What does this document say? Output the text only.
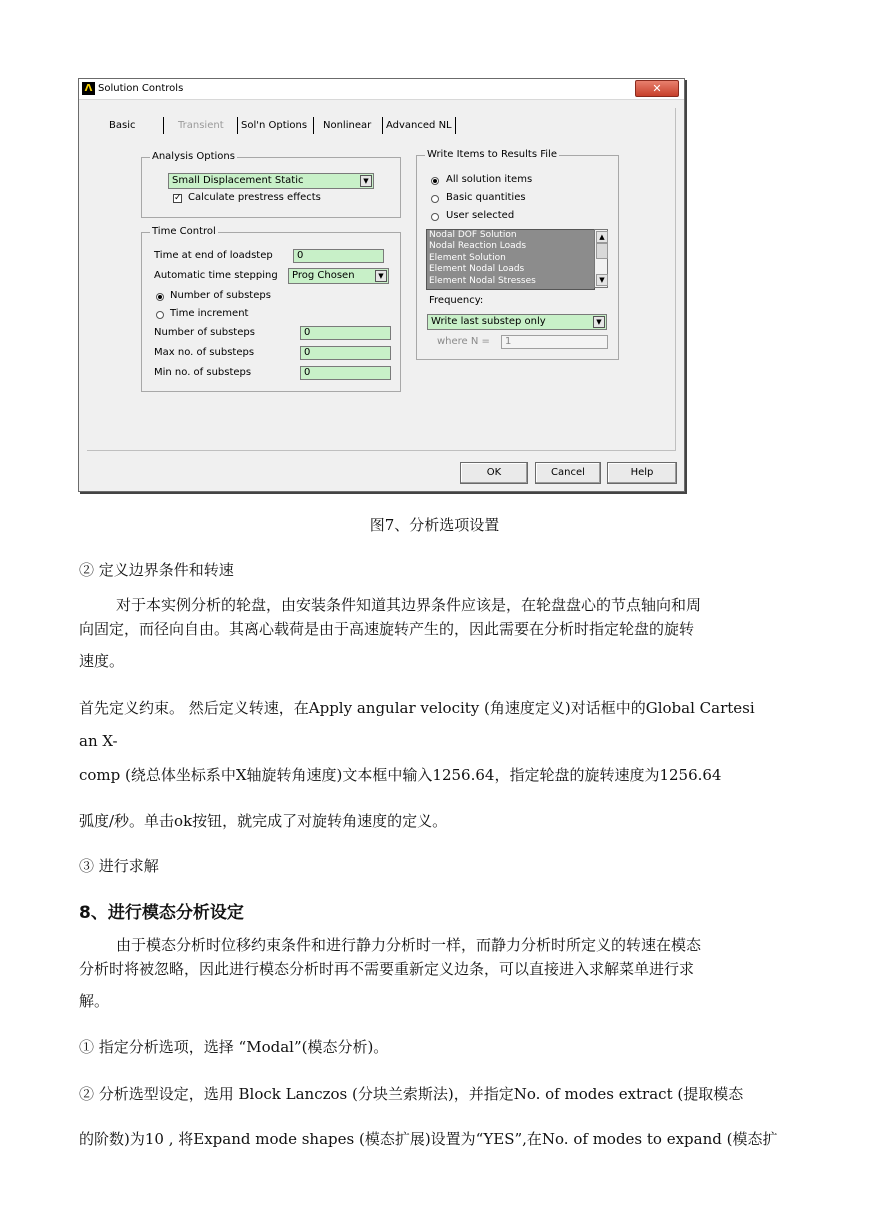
Λ Solution Controls	✕
Basic	Transient Sol'n Options Nonlinear Advanced NL
Analysis Options
Small Displacement Static	▼
✓ Calculate prestress effects
Time Control
Time at end of loadstep	0
Automatic time stepping	Prog Chosen	▼
Number of substeps
Time increment
Number of substeps	0
Max no. of substeps	0
Min no. of substeps	0
Write Items to Results File
All solution items
Basic quantities
User selected
Nodal DOF Solution
Nodal Reaction Loads
Element Solution
Element Nodal Loads
Element Nodal Stresses
▲
▼
Frequency:
Write last substep only	▼
where N =	1
OK	Cancel	Help
图7、分析选项设置
② 定义边界条件和转速
对于本实例分析的轮盘，由安装条件知道其边界条件应该是，在轮盘盘心的节点轴向和周
向固定，而径向自由。其离心载荷是由于高速旋转产生的，因此需要在分析时指定轮盘的旋转
速度。
首先定义约束。 然后定义转速，在Apply angular velocity (角速度定义)对话框中的Global Cartesi
an X-
comp (绕总体坐标系中X轴旋转角速度)文本框中输入1256.64，指定轮盘的旋转速度为1256.64
弧度/秒。单击ok按钮，就完成了对旋转角速度的定义。
③ 进行求解
8、进行模态分析设定
由于模态分析时位移约束条件和进行静力分析时一样，而静力分析时所定义的转速在模态
分析时将被忽略，因此进行模态分析时再不需要重新定义边条，可以直接进入求解菜单进行求
解。
① 指定分析选项，选择 “Modal”(模态分析)。
② 分析选型设定，选用 Block Lanczos (分块兰索斯法)，并指定No. of modes extract (提取模态
的阶数)为10 , 将Expand mode shapes (模态扩展)设置为“YES”,在No. of modes to expand (模态扩
